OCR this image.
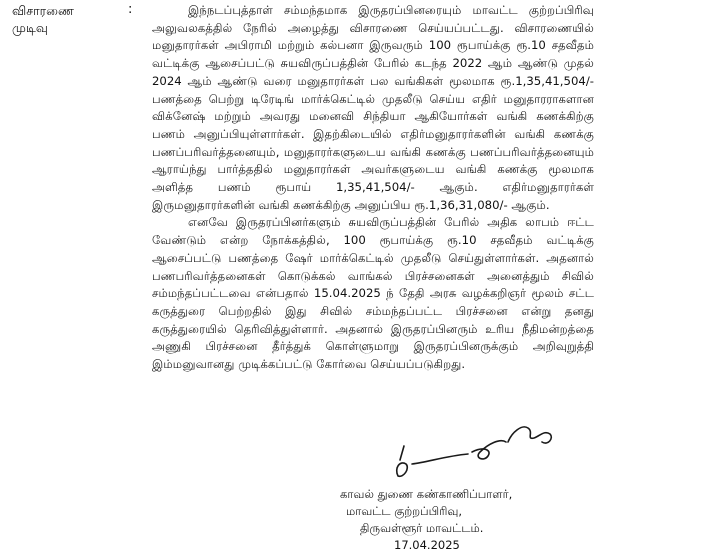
விசாரணை
முடிவு
:	இந்நடப்புத்தாள் சம்மந்தமாக இருதரப்பினரையும் மாவட்ட குற்றப்பிரிவு அலுவலகத்தில் நேரில் அழைத்து விசாரணை செய்யப்பட்டது. விசாரணையில் மனுதாரர்கள் அபிராமி மற்றும் கல்பனா இருவரும் 100 ரூபாய்க்கு ரூ.10 சதவீதம் வட்டிக்கு ஆசைப்பட்டு சுயவிருப்பத்தின் பேரில் கடந்த 2022 ஆம் ஆண்டு முதல் 2024 ஆம் ஆண்டு வரை மனுதாரர்கள் பல வங்கிகள் மூலமாக ரூ.1,35,41,504/- பணத்தை பெற்று டிரேடிங் மார்க்கெட்டில் முதலீடு செய்ய எதிர் மனுதாரராகளான விக்னேஷ் மற்றும் அவரது மனைவி சிந்தியா ஆகியோர்கள் வங்கி கணக்கிற்கு பணம் அனுப்பியுள்ளார்கள். இதற்கிடையில் எதிர்மனுதாரர்களின் வங்கி கணக்கு பணப்பரிவர்த்தனையும், மனுதாரர்களுடைய வங்கி கணக்கு பணப்பரிவர்த்தனையும் ஆராய்ந்து பார்த்ததில் மனுதாரர்கள் அவர்களுடைய வங்கி கணக்கு மூலமாக அளித்த பணம் ரூபாய் 1,35,41,504/- ஆகும். எதிர்மனுதாரர்கள் இருமனுதாரர்களின் வங்கி கணக்கிற்கு அனுப்பிய ரூ.1,36,31,080/- ஆகும்.

எனவே இருதரப்பினர்களும் சுயவிருப்பத்தின் பேரில் அதிக லாபம் ஈட்ட வேண்டும் என்ற நோக்கத்தில், 100 ரூபாய்க்கு ரூ.10 சதவீதம் வட்டிக்கு ஆசைப்பட்டு பணத்தை ஷேர் மார்க்கெட்டில் முதலீடு செய்துள்ளார்கள். அதனால் பணபரிவர்த்தனைகள் கொடுக்கல் வாங்கல் பிரச்சனைகள் அனைத்தும் சிவில் சம்மந்தப்பட்டவை என்பதால் 15.04.2025 ந் தேதி அரசு வழக்கறிஞர் மூலம் சட்ட கருத்துரை பெற்றதில் இது சிவில் சம்மந்தப்பட்ட பிரச்சனை என்று தனது கருத்துரையில் தெரிவித்துள்ளார். அதனால் இருதரப்பினரும் உரிய நீதிமன்றத்தை அணுகி பிரச்சனை தீர்த்துக் கொள்ளுமாறு இருதரப்பினருக்கும் அறிவுறுத்தி இம்மனுவானது முடிக்கப்பட்டு கோர்வை செய்யப்படுகிறது.

காவல் துணை கண்காணிப்பாளர்,
மாவட்ட குற்றப்பிரிவு,
திருவள்ளூர் மாவட்டம்.
17.04.2025
